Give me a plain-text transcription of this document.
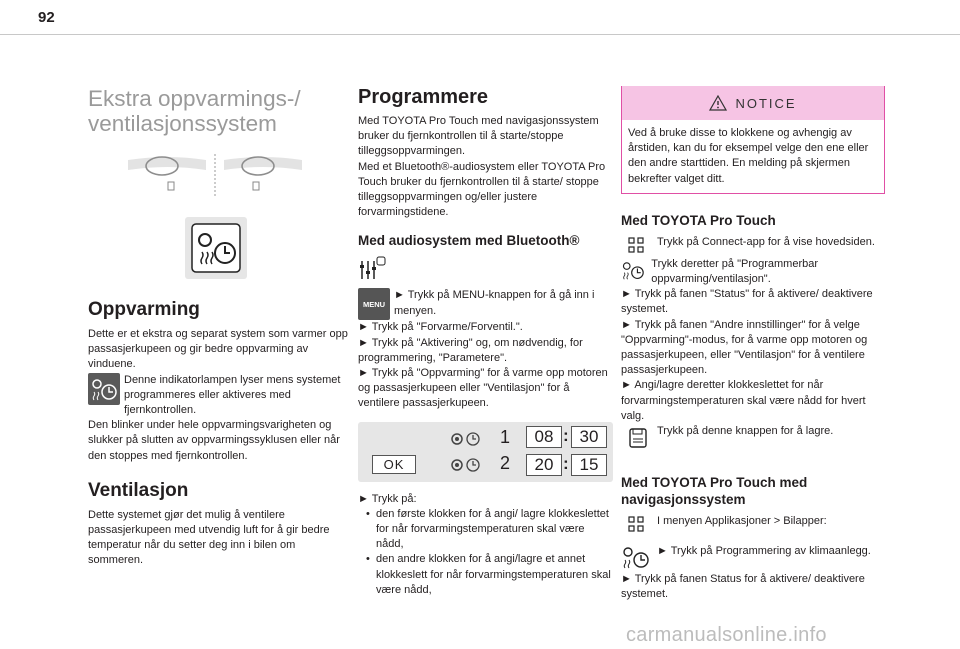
92
Ekstra oppvarmings-/
ventilasjonssystem
Oppvarming

Dette er et ekstra og separat system som varmer opp passasjerkupeen og gir bedre oppvarming av vinduene.

Denne indikatorlampen lyser mens systemet programmeres eller aktiveres med fjernkontrollen.

Den blinker under hele oppvarmingsvarigheten og slukker på slutten av oppvarmingssyklusen eller når den stoppes med fjernkontrollen.

Ventilasjon

Dette systemet gjør det mulig å ventilere passasjerkupeen med utvendig luft for å gir bedre temperatur når du setter deg inn i bilen om sommeren.

Programmere

Med TOYOTA Pro Touch med navigasjonssystem bruker du fjernkontrollen til å starte/stoppe tilleggsoppvarmingen.

Med et Bluetooth®-audiosystem eller TOYOTA Pro Touch bruker du fjernkontrollen til å starte/ stoppe tilleggsoppvarmingen og/eller justere forvarmingstidene.

Med audiosystem med Bluetooth®
MENU

► Trykk på MENU-knappen for å gå inn i menyen.

► Trykk på "Forvarme/Forventil.".

► Trykk på "Aktivering" og, om nødvendig, for programmering, "Parametere".

► Trykk på "Oppvarming" for å varme opp motoren og passasjerkupeen eller "Ventilasjon" for å ventilere passasjerkupeen.

OK
1	08 : 30
2	20 : 15

► Trykk på:

• den første klokken for å angi/ lagre klokkeslettet for når forvarmingstemperaturen skal være nådd,
• den andre klokken for å angi/lagre et annet klokkeslett for når forvarmingstemperaturen skal være nådd,
NOTICE

Ved å bruke disse to klokkene og avhengig av årstiden, kan du for eksempel velge den ene eller den andre starttiden. En melding på skjermen bekrefter valget ditt.

Med TOYOTA Pro Touch

Trykk på Connect-app for å vise hovedsiden.

Trykk deretter på "Programmerbar oppvarming/ventilasjon".

► Trykk på fanen "Status" for å aktivere/ deaktivere systemet.

► Trykk på fanen "Andre innstillinger" for å velge "Oppvarming"-modus, for å varme opp motoren og passasjerkupeen, eller "Ventilasjon" for å ventilere passasjerkupeen.

► Angi/lagre deretter klokkeslettet for når forvarmingstemperaturen skal være nådd for hvert valg.

Trykk på denne knappen for å lagre.

Med TOYOTA Pro Touch med navigasjonssystem

I menyen Applikasjoner > Bilapper:

► Trykk på Programmering av klimaanlegg.

► Trykk på fanen Status for å aktivere/ deaktivere systemet.

carmanualsonline.info
